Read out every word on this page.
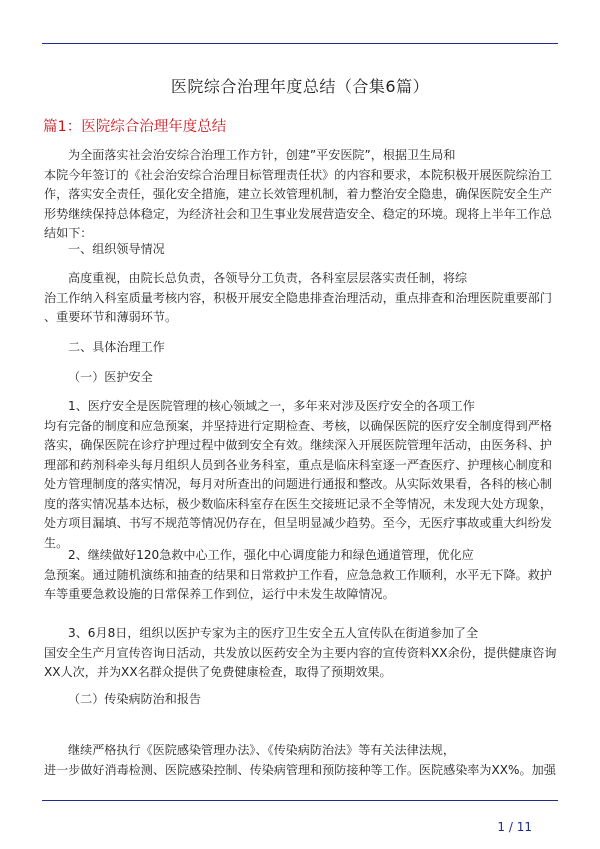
医院综合治理年度总结（合集6篇）
篇1：医院综合治理年度总结
为全面落实社会治安综合治理工作方针，创建”平安医院”，根据卫生局和
本院今年签订的《社会治安综合治理目标管理责任状》的内容和要求，本院积极开展医院综治工
作，落实安全责任，强化安全措施，建立长效管理机制，着力整治安全隐患，确保医院安全生产
形势继续保持总体稳定，为经济社会和卫生事业发展营造安全、稳定的环境。现将上半年工作总
结如下：
一、组织领导情况
高度重视，由院长总负责，各领导分工负责，各科室层层落实责任制，将综
治工作纳入科室质量考核内容，积极开展安全隐患排查治理活动，重点排查和治理医院重要部门
、重要环节和薄弱环节。
二、具体治理工作
（一）医护安全
1、医疗安全是医院管理的核心领域之一，多年来对涉及医疗安全的各项工作
均有完备的制度和应急预案，并坚持进行定期检查、考核，以确保医院的医疗安全制度得到严格
落实，确保医院在诊疗护理过程中做到安全有效。继续深入开展医院管理年活动，由医务科、护
理部和药剂科牵头每月组织人员到各业务科室，重点是临床科室逐一严查医疗、护理核心制度和
处方管理制度的落实情况，每月对所查出的问题进行通报和整改。从实际效果看，各科的核心制
度的落实情况基本达标，极少数临床科室存在医生交接班记录不全等情况，未发现大处方现象，
处方项目漏填、书写不规范等情况仍存在，但呈明显减少趋势。至今，无医疗事故或重大纠纷发
生。
2、继续做好120急救中心工作，强化中心调度能力和绿色通道管理，优化应
急预案。通过随机演练和抽查的结果和日常救护工作看，应急急救工作顺利，水平无下降。救护
车等重要急救设施的日常保养工作到位，运行中未发生故障情况。
3、6月8日，组织以医护专家为主的医疗卫生安全五人宣传队在街道参加了全
国安全生产月宣传咨询日活动，共发放以医药安全为主要内容的宣传资料XX余份，提供健康咨询
XX人次，并为XX名群众提供了免费健康检查，取得了预期效果。
（二）传染病防治和报告
继续严格执行《医院感染管理办法》、《传染病防治法》等有关法律法规，
进一步做好消毒检测、医院感染控制、传染病管理和预防接种等工作。医院感染率为XX%。加强
1 / 11
